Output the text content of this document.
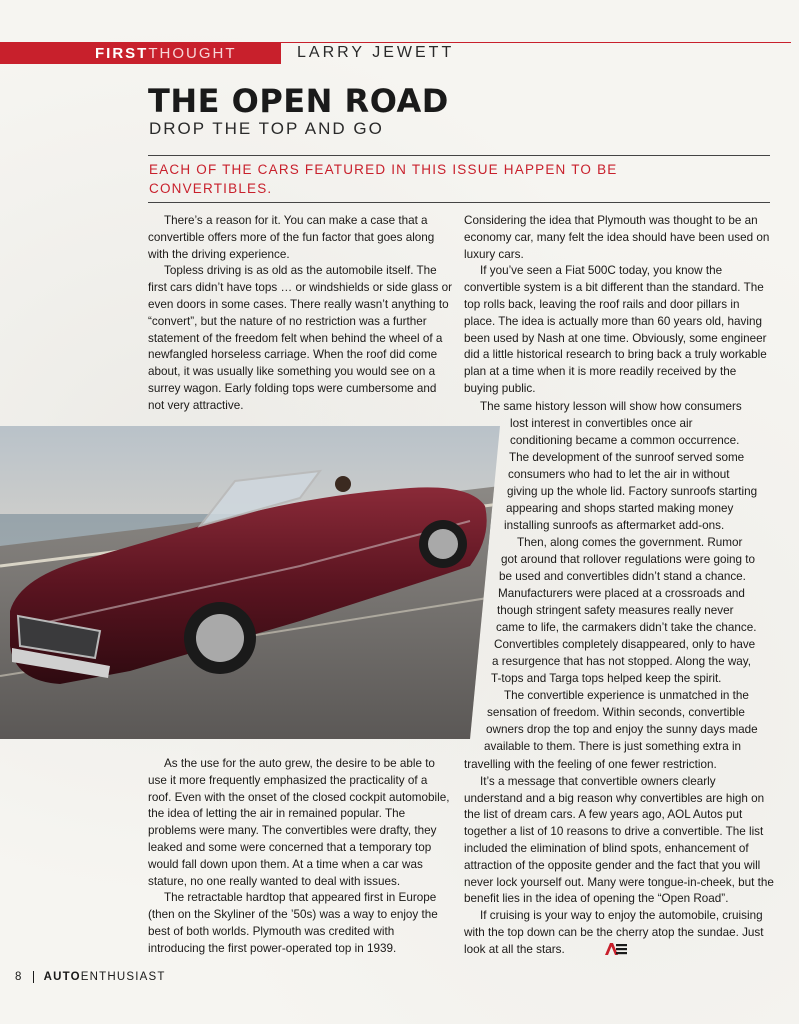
FIRST THOUGHT	LARRY JEWETT
THE OPEN ROAD
DROP THE TOP AND GO
EACH OF THE CARS FEATURED IN THIS ISSUE HAPPEN TO BE
CONVERTIBLES.

There’s a reason for it. You can make a case that a convertible offers more of the fun factor that goes along with the driving experience.

Topless driving is as old as the automobile itself. The first cars didn’t have tops … or windshields or side glass or even doors in some cases. There really wasn’t anything to “convert”, but the nature of no restriction was a further statement of the freedom felt when behind the wheel of a newfangled horseless carriage. When the roof did come about, it was usually like something you would see on a surrey wagon. Early folding tops were cumbersome and not very attractive.

As the use for the auto grew, the desire to be able to use it more frequently emphasized the practicality of a roof. Even with the onset of the closed cockpit automobile, the idea of letting the air in remained popular. The problems were many. The convertibles were drafty, they leaked and some were concerned that a temporary top would fall down upon them. At a time when a car was stature, no one really wanted to deal with issues.

The retractable hardtop that appeared first in Europe (then on the Skyliner of the ’50s) was a way to enjoy the best of both worlds. Plymouth was credited with introducing the first power-operated top in 1939.

Considering the idea that Plymouth was thought to be an economy car, many felt the idea should have been used on luxury cars.

If you’ve seen a Fiat 500C today, you know the convertible system is a bit different than the standard. The top rolls back, leaving the roof rails and door pillars in place. The idea is actually more than 60 years old, having been used by Nash at one time. Obviously, some engineer did a little historical research to bring back a truly workable plan at a time when it is more readily received by the buying public.

The same history lesson will show how consumers
lost interest in convertibles once air
conditioning became a common occurrence.
The development of the sunroof served some
consumers who had to let the air in without
giving up the whole lid. Factory sunroofs starting
appearing and shops started making money
installing sunroofs as aftermarket add-ons.
Then, along comes the government. Rumor
got around that rollover regulations were going to
be used and convertibles didn’t stand a chance.
Manufacturers were placed at a crossroads and
though stringent safety measures really never
came to life, the carmakers didn’t take the chance.
Convertibles completely disappeared, only to have
a resurgence that has not stopped. Along the way,
T-tops and Targa tops helped keep the spirit.
The convertible experience is unmatched in the
sensation of freedom. Within seconds, convertible
owners drop the top and enjoy the sunny days made
available to them. There is just something extra in

travelling with the feeling of one fewer restriction.

It’s a message that convertible owners clearly understand and a big reason why convertibles are high on the list of dream cars. A few years ago, AOL Autos put together a list of 10 reasons to drive a convertible. The list included the elimination of blind spots, enhancement of attraction of the opposite gender and the fact that you will never lock yourself out. Many were tongue-in-cheek, but the benefit lies in the idea of opening the “Open Road”.

If cruising is your way to enjoy the automobile, cruising with the top down can be the cherry atop the sundae. Just look at all the stars.

8 AUTOENTHUSIAST
